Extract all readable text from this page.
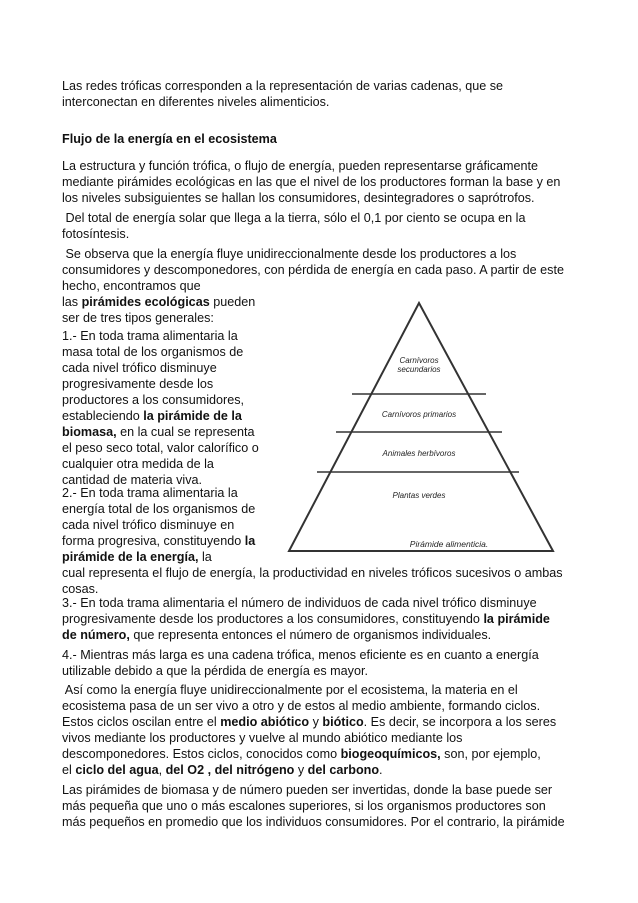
Las redes tróficas corresponden a la representación de varias cadenas, que se
interconectan en diferentes niveles alimenticios.

Flujo de la energía en el ecosistema

La estructura y función trófica, o flujo de energía, pueden representarse gráficamente
mediante pirámides ecológicas en las que el nivel de los productores forman la base y en
los niveles subsiguientes se hallan los consumidores, desintegradores o saprótrofos.

Del total de energía solar que llega a la tierra, sólo el 0,1 por ciento se ocupa en la
fotosíntesis.

Se observa que la energía fluye unidireccionalmente desde los productores a los
consumidores y descomponedores, con pérdida de energía en cada paso. A partir de este
hecho, encontramos que
las pirámides ecológicas pueden
ser de tres tipos generales:

1.- En toda trama alimentaria la
masa total de los organismos de
cada nivel trófico disminuye
progresivamente desde los
productores a los consumidores,
estableciendo la pirámide de la
biomasa, en la cual se representa
el peso seco total, valor calorífico o
cualquier otra medida de la
cantidad de materia viva.

2.- En toda trama alimentaria la
energía total de los organismos de
cada nivel trófico disminuye en
forma progresiva, constituyendo la
pirámide de la energía, la
cual representa el flujo de energía, la productividad en niveles tróficos sucesivos o ambas
cosas.

3.- En toda trama alimentaria el número de individuos de cada nivel trófico disminuye
progresivamente desde los productores a los consumidores, constituyendo la pirámide
de número, que representa entonces el número de organismos individuales.

4.- Mientras más larga es una cadena trófica, menos eficiente es en cuanto a energía
utilizable debido a que la pérdida de energía es mayor.

Así como la energía fluye unidireccionalmente por el ecosistema, la materia en el
ecosistema pasa de un ser vivo a otro y de estos al medio ambiente, formando ciclos.
Estos ciclos oscilan entre el medio abiótico y biótico. Es decir, se incorpora a los seres
vivos mediante los productores y vuelve al mundo abiótico mediante los
descomponedores. Estos ciclos, conocidos como biogeoquímicos, son, por ejemplo,
el ciclo del agua, del O2 , del nitrógeno y del carbono.

Las pirámides de biomasa y de número pueden ser invertidas, donde la base puede ser
más pequeña que uno o más escalones superiores, si los organismos productores son
más pequeños en promedio que los individuos consumidores. Por el contrario, la pirámide

Carnívoros
secundarios
Carnívoros primarios
Animales herbívoros
Plantas verdes
Pirámide alimenticia.
